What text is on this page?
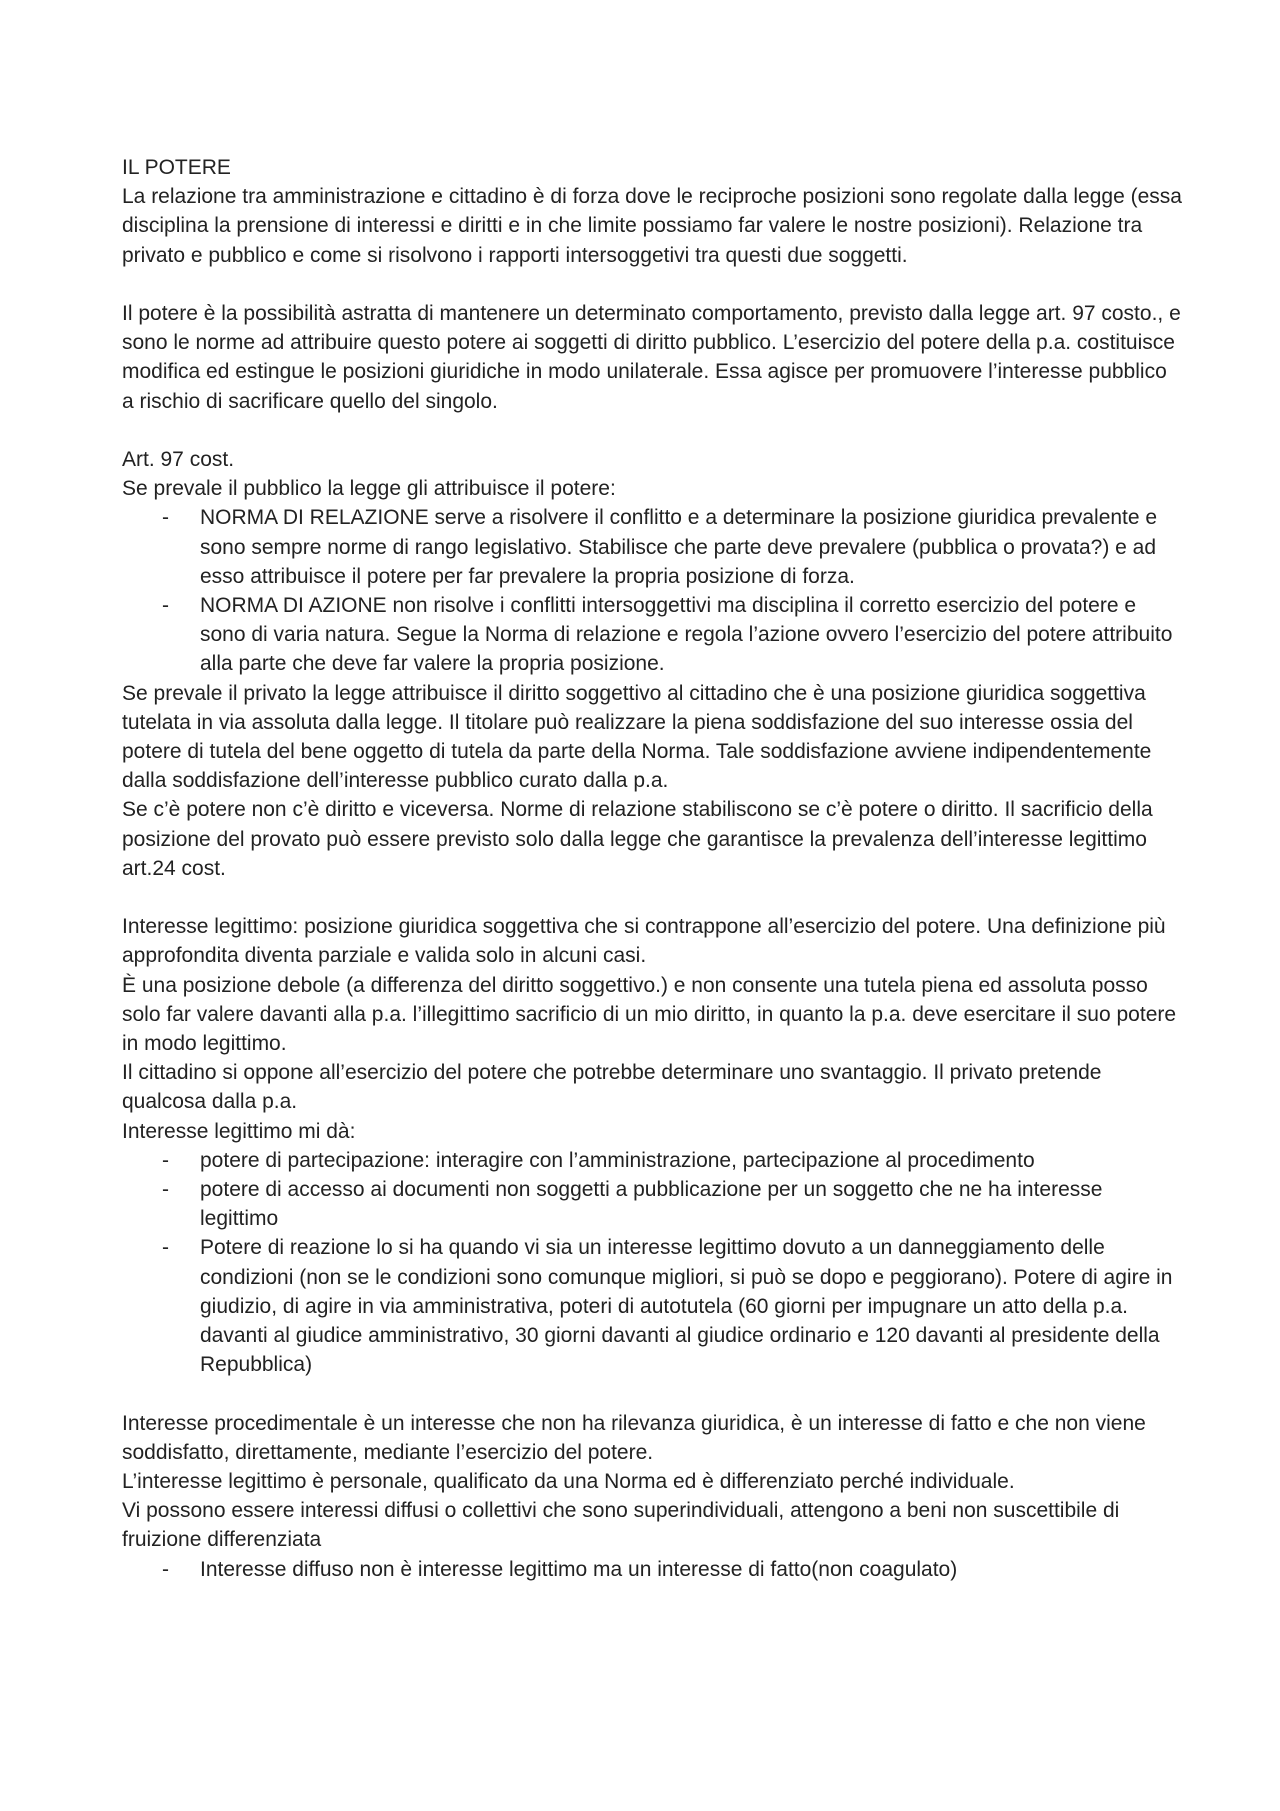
IL POTERE

La relazione tra amministrazione e cittadino è di forza dove le reciproche posizioni sono regolate dalla legge (essa disciplina la prensione di interessi e diritti e in che limite possiamo far valere le nostre posizioni). Relazione tra privato e pubblico e come si risolvono i rapporti intersoggetivi tra questi due soggetti.

Il potere è la possibilità astratta di mantenere un determinato comportamento, previsto dalla legge art. 97 costo., e sono le norme ad attribuire questo potere ai soggetti di diritto pubblico. L’esercizio del potere della p.a. costituisce modifica ed estingue le posizioni giuridiche in modo unilaterale. Essa agisce per promuovere l’interesse pubblico a rischio di sacrificare quello del singolo.

Art. 97 cost.

Se prevale il pubblico la legge gli attribuisce il potere:

- NORMA DI RELAZIONE serve a risolvere il conflitto e a determinare la posizione giuridica prevalente e sono sempre norme di rango legislativo. Stabilisce che parte deve prevalere (pubblica o provata?) e ad esso attribuisce il potere per far prevalere la propria posizione di forza.
- NORMA DI AZIONE non risolve i conflitti intersoggettivi ma disciplina il corretto esercizio del potere e sono di varia natura. Segue la Norma di relazione e regola l’azione ovvero l’esercizio del potere attribuito alla parte che deve far valere la propria posizione.

Se prevale il privato la legge attribuisce il diritto soggettivo al cittadino che è una posizione giuridica soggettiva tutelata in via assoluta dalla legge. Il titolare può realizzare la piena soddisfazione del suo interesse ossia del potere di tutela del bene oggetto di tutela da parte della Norma. Tale soddisfazione avviene indipendentemente dalla soddisfazione dell’interesse pubblico curato dalla p.a.

Se c’è potere non c’è diritto e viceversa. Norme di relazione stabiliscono se c’è potere o diritto. Il sacrificio della posizione del provato può essere previsto solo dalla legge che garantisce la prevalenza dell’interesse legittimo art.24 cost.

Interesse legittimo: posizione giuridica soggettiva che si contrappone all’esercizio del potere. Una definizione più approfondita diventa parziale e valida solo in alcuni casi.

È una posizione debole (a differenza del diritto soggettivo.) e non consente una tutela piena ed assoluta posso solo far valere davanti alla p.a. l’illegittimo sacrificio di un mio diritto, in quanto la p.a. deve esercitare il suo potere in modo legittimo.

Il cittadino si oppone all’esercizio del potere che potrebbe determinare uno svantaggio. Il privato pretende qualcosa dalla p.a.

Interesse legittimo mi dà:

- potere di partecipazione: interagire con l’amministrazione, partecipazione al procedimento
- potere di accesso ai documenti non soggetti a pubblicazione per un soggetto che ne ha interesse legittimo
- Potere di reazione lo si ha quando vi sia un interesse legittimo dovuto a un danneggiamento delle condizioni (non se le condizioni sono comunque migliori, si può se dopo e peggiorano). Potere di agire in giudizio, di agire in via amministrativa, poteri di autotutela (60 giorni per impugnare un atto della p.a. davanti al giudice amministrativo, 30 giorni davanti al giudice ordinario e 120 davanti al presidente della Repubblica)

Interesse procedimentale è un interesse che non ha rilevanza giuridica, è un interesse di fatto e che non viene soddisfatto, direttamente, mediante l’esercizio del potere.

L’interesse legittimo è personale, qualificato da una Norma ed è differenziato perché individuale.

Vi possono essere interessi diffusi o collettivi che sono superindividuali, attengono a beni non suscettibile di fruizione differenziata

- Interesse diffuso non è interesse legittimo ma un interesse di fatto(non coagulato)
